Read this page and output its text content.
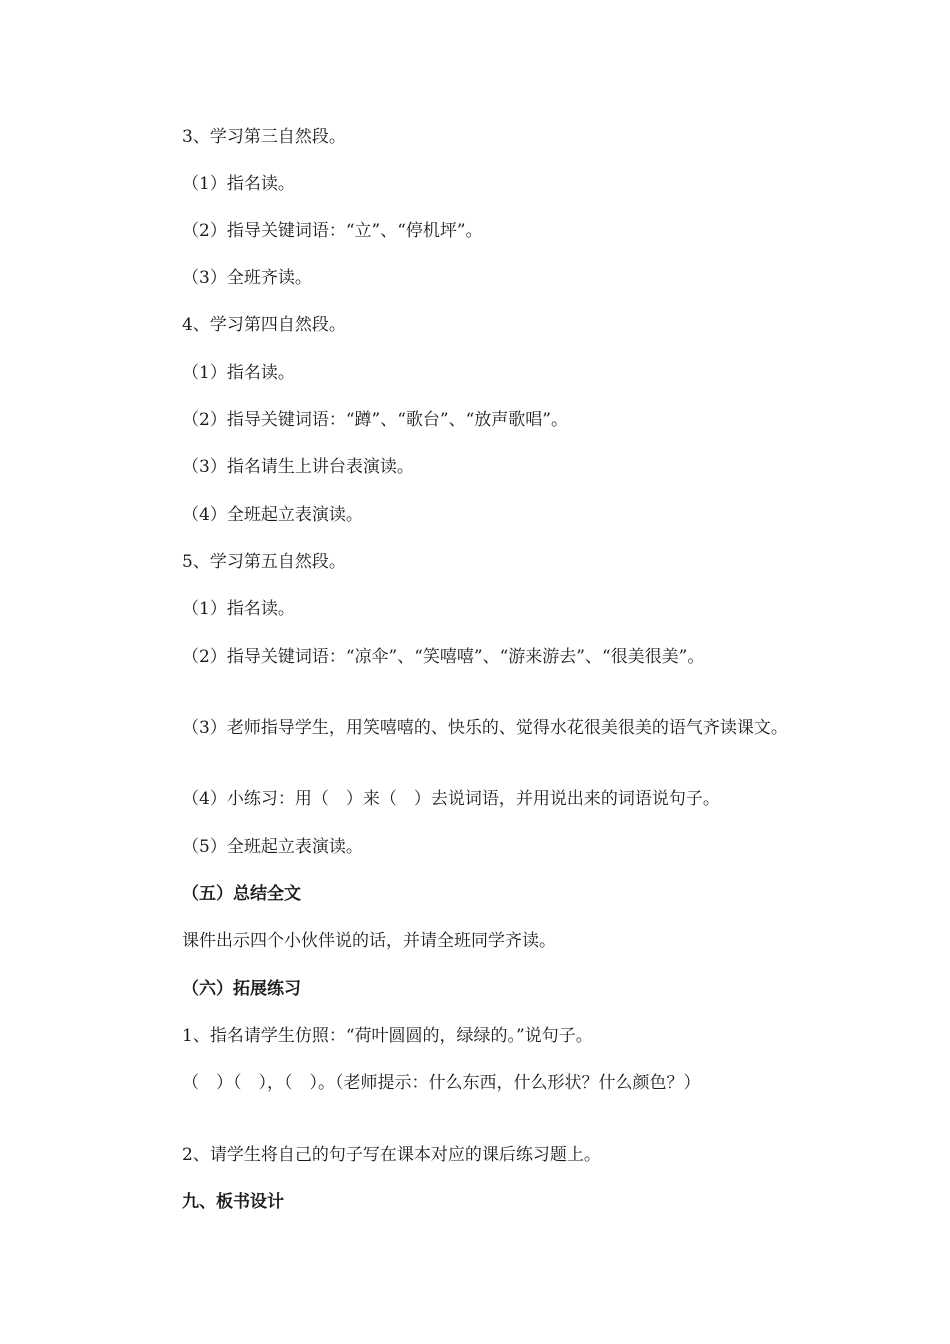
3、学习第三自然段。

（1）指名读。

（2）指导关键词语：“立”、“停机坪”。

（3）全班齐读。

4、学习第四自然段。

（1）指名读。

（2）指导关键词语：“蹲”、“歌台”、“放声歌唱”。

（3）指名请生上讲台表演读。

（4）全班起立表演读。

5、学习第五自然段。

（1）指名读。

（2）指导关键词语：“凉伞”、“笑嘻嘻”、“游来游去”、“很美很美”。

（3）老师指导学生，用笑嘻嘻的、快乐的、觉得水花很美很美的语气齐读课文。

（4）小练习：用（　）来（　）去说词语，并用说出来的词语说句子。

（5）全班起立表演读。

（五）总结全文

课件出示四个小伙伴说的话，并请全班同学齐读。

（六）拓展练习

1、指名请学生仿照：“荷叶圆圆的，绿绿的。”说句子。

（　）（　），（　）。（老师提示：什么东西，什么形状？什么颜色？）

2、请学生将自己的句子写在课本对应的课后练习题上。

九、板书设计
